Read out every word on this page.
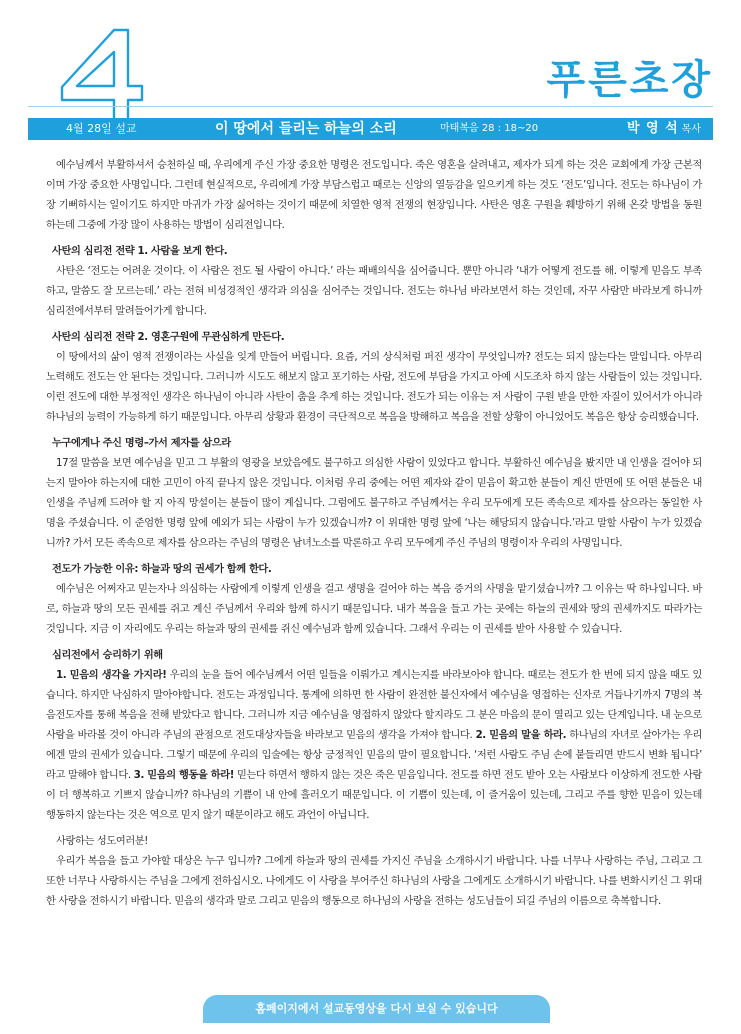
푸른초장
4월 28일 설교	이 땅에서 들리는 하늘의 소리	마태복음 28 : 18~20	박 영 석 목사

예수님께서 부활하셔서 승천하실 때, 우리에게 주신 가장 중요한 명령은 전도입니다. 죽은 영혼을 살려내고, 제자가 되게 하는 것은 교회에게 가장 근본적이며 가장 중요한 사명입니다. 그런데 현실적으로, 우리에게 가장 부담스럽고 때로는 신앙의 열등감을 일으키게 하는 것도 ‘전도’입니다. 전도는 하나님이 가장 기뻐하시는 일이기도 하지만 마귀가 가장 싫어하는 것이기 때문에 치열한 영적 전쟁의 현장입니다. 사탄은 영혼 구원을 훼방하기 위해 온갖 방법을 동원하는데 그중에 가장 많이 사용하는 방법이 심리전입니다.

사탄의 심리전 전략 1. 사람을 보게 한다.

사탄은 ‘전도는 어려운 것이다. 이 사람은 전도 될 사람이 아니다.’ 라는 패배의식을 심어줍니다. 뿐만 아니라 ‘내가 어떻게 전도를 해. 이렇게 믿음도 부족하고, 말씀도 잘 모르는데.’ 라는 전혀 비성경적인 생각과 의심을 심어주는 것입니다. 전도는 하나님 바라보면서 하는 것인데, 자꾸 사람만 바라보게 하니까 심리전에서부터 말려들어가게 합니다.

사탄의 심리전 전략 2. 영혼구원에 무관심하게 만든다.

이 땅에서의 삶이 영적 전쟁이라는 사실을 잊게 만들어 버립니다. 요즘, 거의 상식처럼 퍼진 생각이 무엇입니까? 전도는 되지 않는다는 말입니다. 아무리 노력해도 전도는 안 된다는 것입니다. 그러니까 시도도 해보지 않고 포기하는 사람, 전도에 부담을 가지고 아예 시도조차 하지 않는 사람들이 있는 것입니다. 이런 전도에 대한 부정적인 생각은 하나님이 아니라 사탄이 춤을 추게 하는 것입니다. 전도가 되는 이유는 저 사람이 구원 받을 만한 자질이 있어서가 아니라 하나님의 능력이 가능하게 하기 때문입니다. 아무리 상황과 환경이 극단적으로 복음을 방해하고 복음을 전할 상황이 아니었어도 복음은 항상 승리했습니다.

누구에게나 주신 명령–가서 제자를 삼으라

17절 말씀을 보면 예수님을 믿고 그 부활의 영광을 보았음에도 불구하고 의심한 사람이 있었다고 합니다. 부활하신 예수님을 봤지만 내 인생을 걸어야 되는지 말아야 하는지에 대한 고민이 아직 끝나지 않은 것입니다. 이처럼 우리 중에는 어떤 제자와 같이 믿음이 확고한 분들이 계신 반면에 또 어떤 분들은 내 인생을 주님께 드려야 할 지 아직 망설이는 분들이 많이 계십니다. 그럼에도 불구하고 주님께서는 우리 모두에게 모든 족속으로 제자를 삼으라는 동일한 사명을 주셨습니다. 이 준엄한 명령 앞에 예외가 되는 사람이 누가 있겠습니까? 이 위대한 명령 앞에 ‘나는 해당되지 않습니다.’라고 말할 사람이 누가 있겠습니까? 가서 모든 족속으로 제자를 삼으라는 주님의 명령은 남녀노소를 막론하고 우리 모두에게 주신 주님의 명령이자 우리의 사명입니다.

전도가 가능한 이유: 하늘과 땅의 권세가 함께 한다.

예수님은 어쩌자고 믿는자나 의심하는 사람에게 이렇게 인생을 걸고 생명을 걸어야 하는 복음 증거의 사명을 맡기셨습니까? 그 이유는 딱 하나입니다. 바로, 하늘과 땅의 모든 권세를 쥐고 계신 주님께서 우리와 함께 하시기 때문입니다. 내가 복음을 들고 가는 곳에는 하늘의 권세와 땅의 권세까지도 따라가는 것입니다. 지금 이 자리에도 우리는 하늘과 땅의 권세를 쥐신 예수님과 함께 있습니다. 그래서 우리는 이 권세를 받아 사용할 수 있습니다.

심리전에서 승리하기 위해

1. 믿음의 생각을 가지라! 우리의 눈을 들어 예수님께서 어떤 일들을 이뤄가고 계시는지를 바라보아야 합니다. 때로는 전도가 한 번에 되지 않을 때도 있습니다. 하지만 낙심하지 말아야합니다. 전도는 과정입니다. 통계에 의하면 한 사람이 완전한 불신자에서 예수님을 영접하는 신자로 거듭나기까지 7명의 복음전도자를 통해 복음을 전해 받았다고 합니다. 그러니까 지금 예수님을 영접하지 않았다 할지라도 그 분은 마음의 문이 열리고 있는 단계입니다. 내 눈으로 사람을 바라볼 것이 아니라 주님의 관점으로 전도대상자들을 바라보고 믿음의 생각을 가져야 합니다. 2. 믿음의 말을 하라. 하나님의 자녀로 살아가는 우리에겐 말의 권세가 있습니다. 그렇기 때문에 우리의 입술에는 항상 긍정적인 믿음의 말이 필요합니다. ‘저런 사람도 주님 손에 붙들리면 반드시 변화 됩니다’ 라고 말해야 합니다. 3. 믿음의 행동을 하라! 믿는다 하면서 행하지 않는 것은 죽은 믿음입니다. 전도를 하면 전도 받아 오는 사람보다 이상하게 전도한 사람이 더 행복하고 기쁘지 않습니까? 하나님의 기쁨이 내 안에 흘러오기 때문입니다. 이 기쁨이 있는데, 이 즐거움이 있는데, 그리고 주를 향한 믿음이 있는데 행동하지 않는다는 것은 역으로 믿지 않기 때문이라고 해도 과언이 아닙니다.

사랑하는 성도여러분!

우리가 복음을 들고 가야할 대상은 누구 입니까? 그에게 하늘과 땅의 권세를 가지신 주님을 소개하시기 바랍니다. 나를 너무나 사랑하는 주님, 그리고 그 또한 너무나 사랑하시는 주님을 그에게 전하십시오. 나에게도 이 사랑을 부어주신 하나님의 사랑을 그에게도 소개하시기 바랍니다. 나를 변화시키신 그 위대한 사랑을 전하시기 바랍니다. 믿음의 생각과 말로 그리고 믿음의 행동으로 하나님의 사랑을 전하는 성도님들이 되길 주님의 이름으로 축복합니다.

홈페이지에서 설교동영상을 다시 보실 수 있습니다
